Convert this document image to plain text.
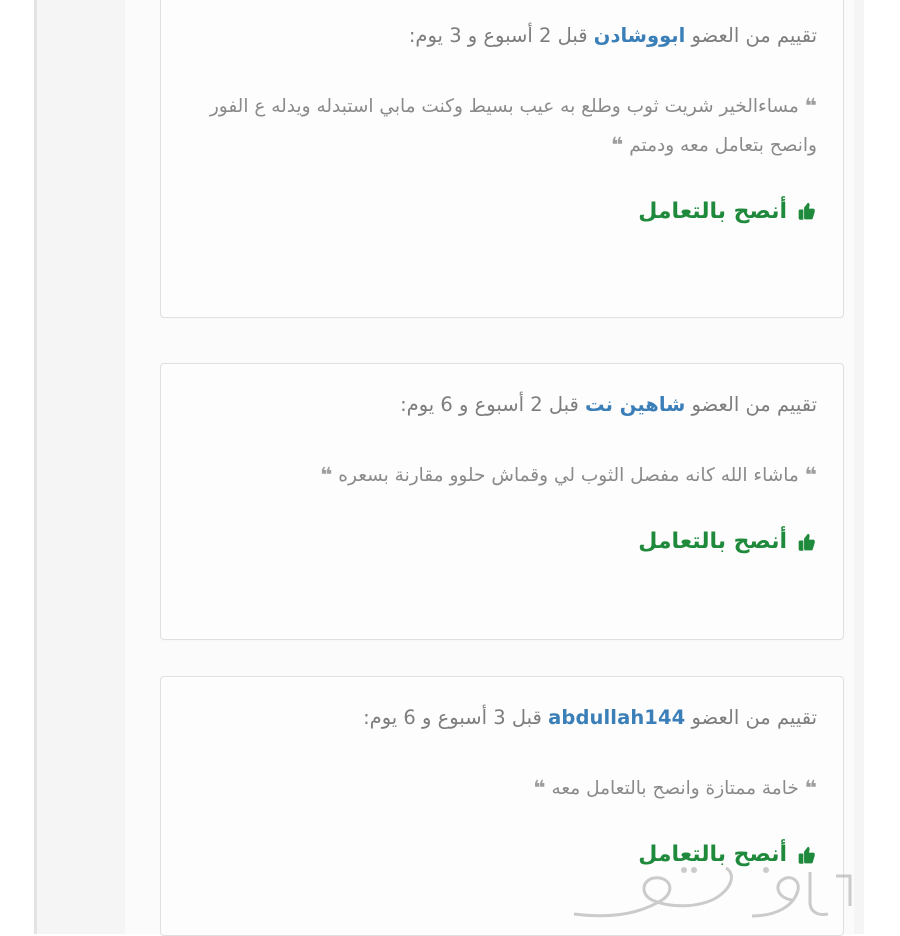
تقييم من العضو ابووشادن قبل 2 أسبوع و 3 يوم:
❝ مساءالخير شريت ثوب وطلع به عيب بسيط وكنت مابي استبدله ويدله ع الفور وانصح بتعامل معه ودمتم ❝
أنصح بالتعامل
تقييم من العضو شاهين نت قبل 2 أسبوع و 6 يوم:
❝ ماشاء الله كانه مفصل الثوب لي وقماش حلوو مقارنة بسعره ❝
أنصح بالتعامل
تقييم من العضو abdullah144 قبل 3 أسبوع و 6 يوم:
❝ خامة ممتازة وانصح بالتعامل معه ❝
أنصح بالتعامل
